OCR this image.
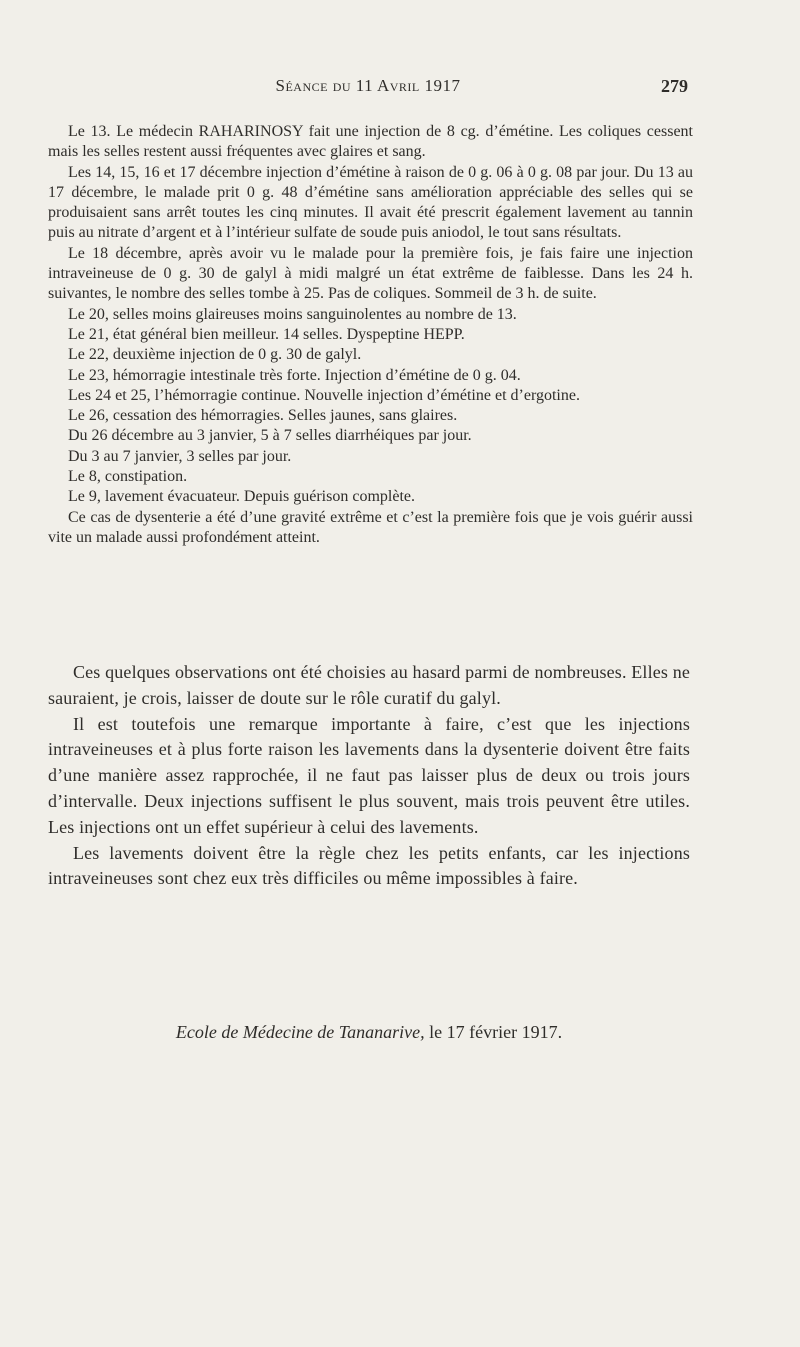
Séance du 11 Avril 1917	279

Le 13. Le médecin RAHARINOSY fait une injection de 8 cg. d’émétine. Les coliques cessent mais les selles restent aussi fréquentes avec glaires et sang.

Les 14, 15, 16 et 17 décembre injection d’émétine à raison de 0 g. 06 à 0 g. 08 par jour. Du 13 au 17 décembre, le malade prit 0 g. 48 d’émétine sans amélioration appréciable des selles qui se produisaient sans arrêt toutes les cinq minutes. Il avait été prescrit également lavement au tannin puis au nitrate d’argent et à l’intérieur sulfate de soude puis aniodol, le tout sans résultats.

Le 18 décembre, après avoir vu le malade pour la première fois, je fais faire une injection intraveineuse de 0 g. 30 de galyl à midi malgré un état extrême de faiblesse. Dans les 24 h. suivantes, le nombre des selles tombe à 25. Pas de coliques. Sommeil de 3 h. de suite.

Le 20, selles moins glaireuses moins sanguinolentes au nombre de 13.

Le 21, état général bien meilleur. 14 selles. Dyspeptine HEPP.

Le 22, deuxième injection de 0 g. 30 de galyl.

Le 23, hémorragie intestinale très forte. Injection d’émétine de 0 g. 04.

Les 24 et 25, l’hémorragie continue. Nouvelle injection d’émétine et d’ergotine.

Le 26, cessation des hémorragies. Selles jaunes, sans glaires.

Du 26 décembre au 3 janvier, 5 à 7 selles diarrhéiques par jour.

Du 3 au 7 janvier, 3 selles par jour.

Le 8, constipation.

Le 9, lavement évacuateur. Depuis guérison complète.

Ce cas de dysenterie a été d’une gravité extrême et c’est la première fois que je vois guérir aussi vite un malade aussi profondément atteint.

Ces quelques observations ont été choisies au hasard parmi de nombreuses. Elles ne sauraient, je crois, laisser de doute sur le rôle curatif du galyl.

Il est toutefois une remarque importante à faire, c’est que les injections intraveineuses et à plus forte raison les lavements dans la dysenterie doivent être faits d’une manière assez rapprochée, il ne faut pas laisser plus de deux ou trois jours d’intervalle. Deux injections suffisent le plus souvent, mais trois peuvent être utiles. Les injections ont un effet supérieur à celui des lavements.

Les lavements doivent être la règle chez les petits enfants, car les injections intraveineuses sont chez eux très difficiles ou même impossibles à faire.

Ecole de Médecine de Tananarive, le 17 février 1917.
